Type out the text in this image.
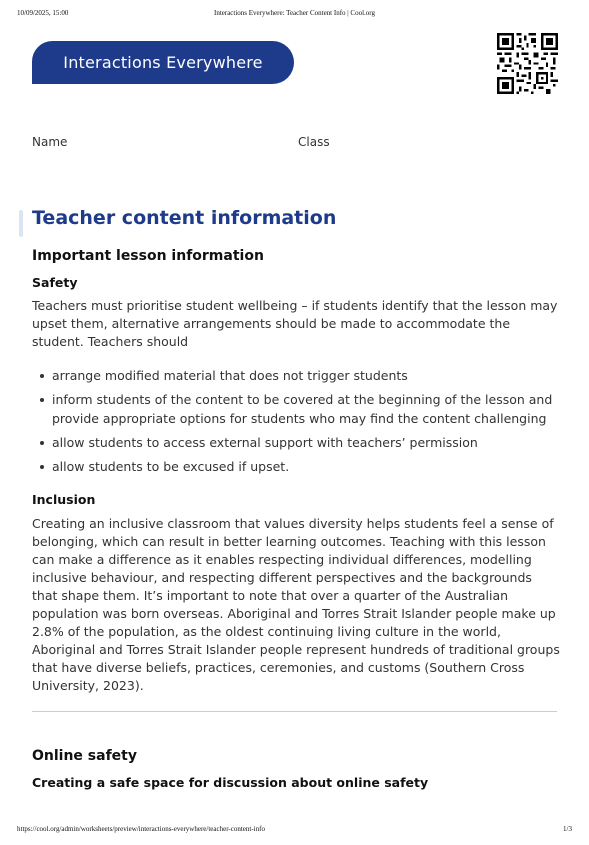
10/09/2025, 15:00	Interactions Everywhere: Teacher Content Info | Cool.org
Interactions Everywhere
Name	Class
Teacher content information
Important lesson information
Safety

Teachers must prioritise student wellbeing – if students identify that the lesson may upset them, alternative arrangements should be made to accommodate the student. Teachers should

arrange modified material that does not trigger students
inform students of the content to be covered at the beginning of the lesson and provide appropriate options for students who may find the content challenging
allow students to access external support with teachers’ permission
allow students to be excused if upset.
Inclusion

Creating an inclusive classroom that values diversity helps students feel a sense of belonging, which can result in better learning outcomes. Teaching with this lesson can make a difference as it enables respecting individual differences, modelling inclusive behaviour, and respecting different perspectives and the backgrounds that shape them. It’s important to note that over a quarter of the Australian population was born overseas. Aboriginal and Torres Strait Islander people make up 2.8% of the population, as the oldest continuing living culture in the world, Aboriginal and Torres Strait Islander people represent hundreds of traditional groups that have diverse beliefs, practices, ceremonies, and customs (Southern Cross University, 2023).

Online safety
Creating a safe space for discussion about online safety
https://cool.org/admin/worksheets/preview/interactions-everywhere/teacher-content-info	1/3
